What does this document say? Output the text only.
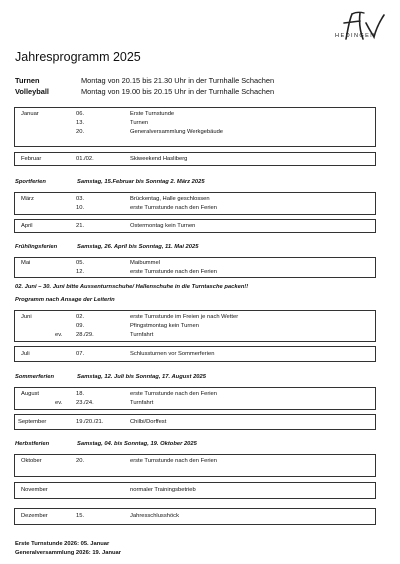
HEDINGEN
Jahresprogramm 2025
Turnen	Montag von 20.15 bis 21.30 Uhr in der Turnhalle Schachen
Volleyball	Montag von 19.00 bis 20.15 Uhr in der Turnhalle Schachen
Januar	06.	Erste Turnstunde
13.	Turnen
20.	Generalversammlung Werkgebäude
Februar	01./02.	Skiweekend Hasliberg
Sportferien	Samstag, 15.Februar bis Sonntag 2. März 2025
März	03.	Brückentag, Halle geschlossen
10.	erste Turnstunde nach den Ferien
April	21.	Ostermontag kein Turnen
Frühlingsferien	Samstag, 26. April bis Sonntag, 11. Mai 2025
Mai	05.	Maibummel
12.	erste Turnstunde nach den Ferien
02. Juni – 30. Juni bitte Aussenturnschuhe/ Hallenschuhe in die Turntasche packen!!
Programm nach Ansage der Leiterin
Juni	02.	erste Turnstunde im Freien je nach Wetter
09.	Pfingstmontag kein Turnen
ev. 28./29.	Turnfahrt
Juli	07.	Schlussturnen vor Sommerferien
Sommerferien	Samstag, 12. Juli bis Sonntag, 17. August 2025
August	18.	erste Turnstunde nach den Ferien
ev. 23./24.	Turnfahrt
September	19./20./21.	Chilbi/Dorffest
Herbstferien	Samstag, 04. bis Sonntag, 19. Oktober 2025
Oktober	20.	erste Turnstunde nach den Ferien
November	normaler Trainingsbetrieb
Dezember	15.	Jahresschlusshöck
Erste Turnstunde 2026: 05. Januar
Generalversammlung 2026: 19. Januar
